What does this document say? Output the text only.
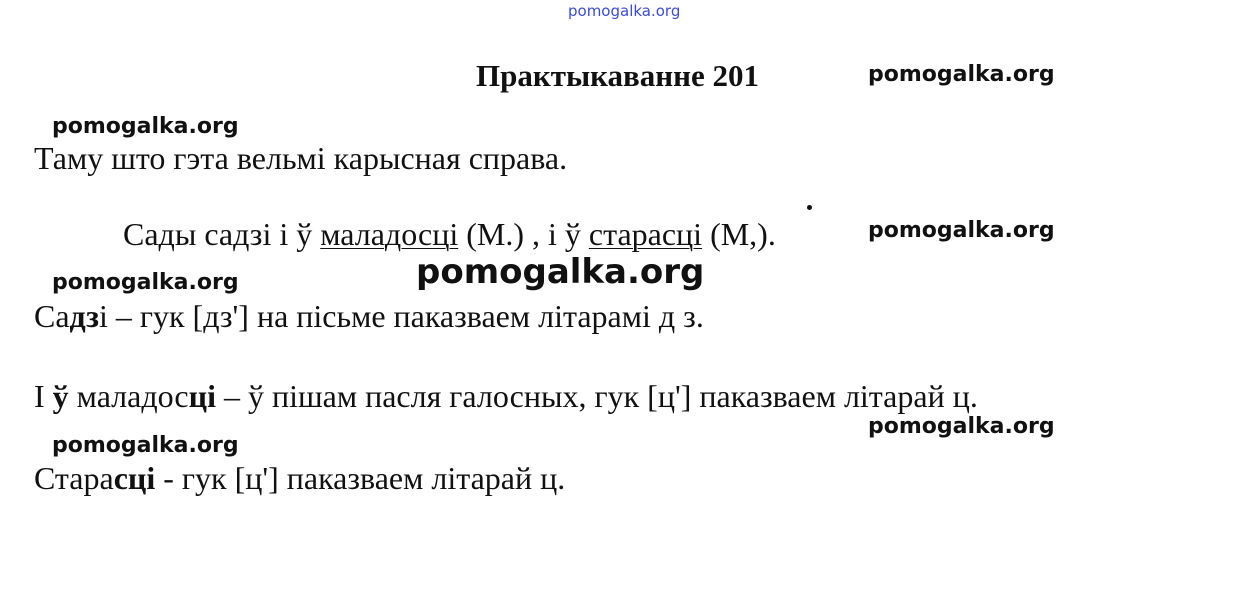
pomogalka.org
Практыкаванне 201	pomogalka.org
pomogalka.org
pomogalka.org
pomogalka.org
pomogalka.org
pomogalka.org
pomogalka.org
Таму што гэта вельмі карысная справа.
Сады садзі і ў маладосці (М.) , і ў старасці (М,).
Садзі – гук [дз'] на пісьме паказваем літарамі д з.
І ў маладосці – ў пішам пасля галосных, гук [ц'] паказваем літарай ц.
Старасці - гук [ц'] паказваем літарай ц.
